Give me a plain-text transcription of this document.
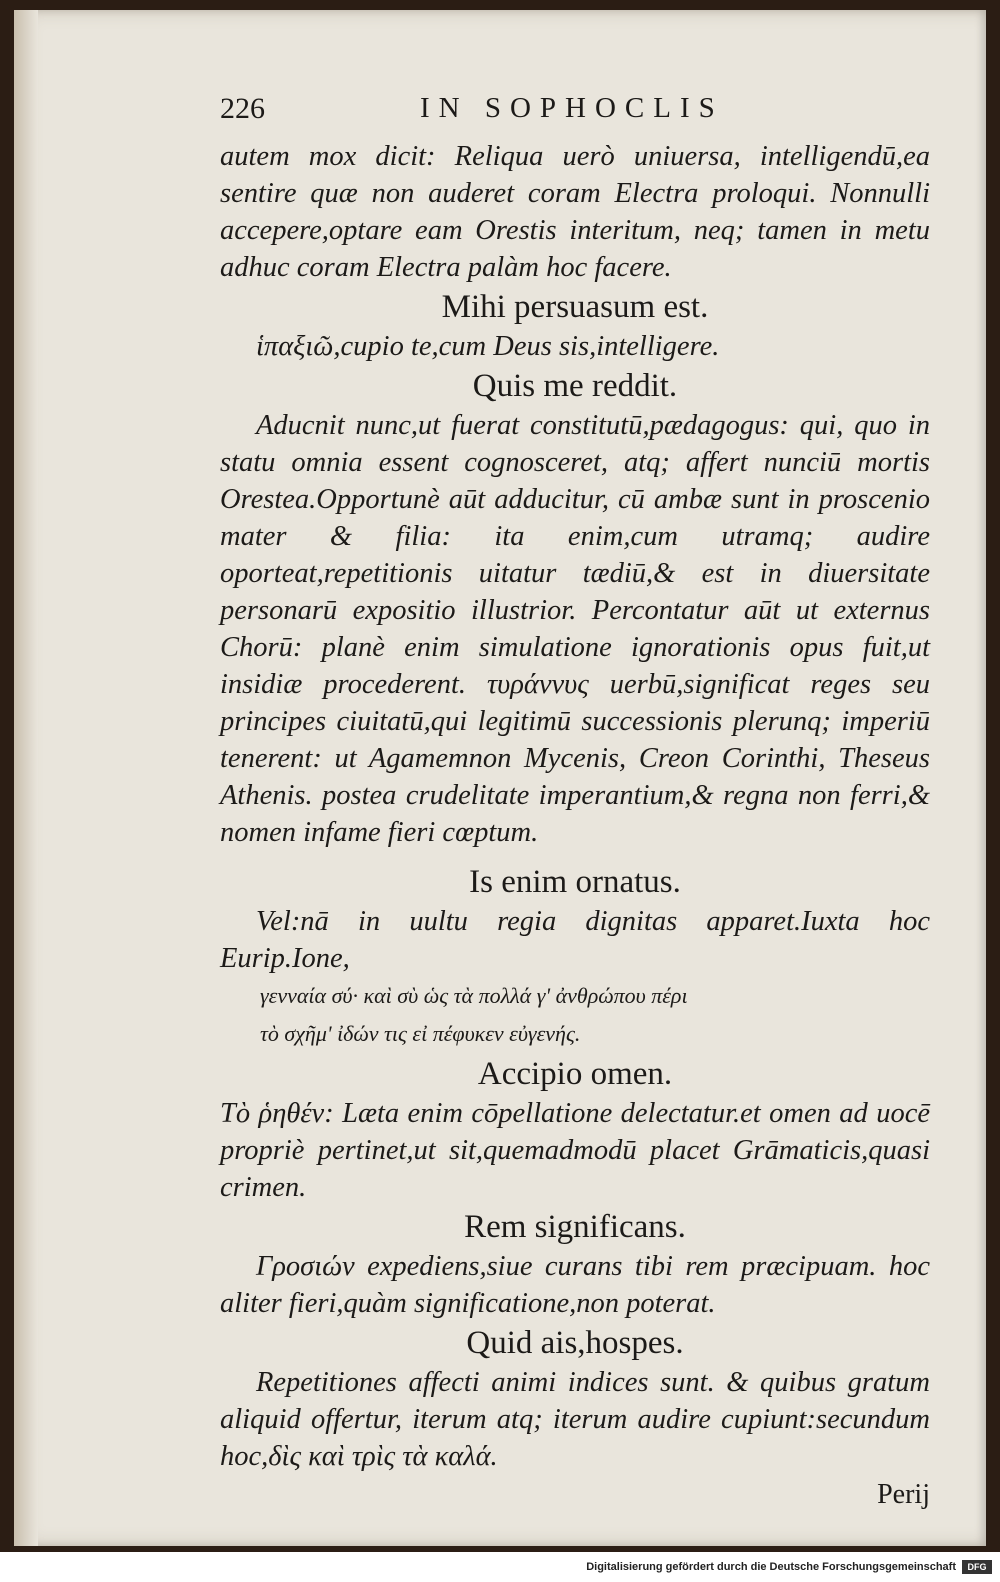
226	IN SOPHOCLIS

autem mox dicit: Reliqua uerò uniuersa, intelligendū,ea sentire quæ non auderet coram Electra proloqui. Nonnulli accepere,optare eam Orestis interitum, neq; tamen in metu adhuc coram Electra palàm hoc facere.

Mihi persuasum est.

ἱπαξιῶ,cupio te,cum Deus sis,intelligere.

Quis me reddit.

Aducnit nunc,ut fuerat constitutū,pædagogus: qui, quo in statu omnia essent cognosceret, atq; affert nunciū mortis Orestea.Opportunè aūt adducitur, cū ambæ sunt in proscenio mater & filia: ita enim,cum utramq; audire oporteat,repetitionis uitatur tædiū,& est in diuersitate personarū expositio illustrior. Percontatur aūt ut externus Chorū: planè enim simulatione ignorationis opus fuit,ut insidiæ procederent. τυράννυς uerbū,significat reges seu principes ciuitatū,qui legitimū successionis plerunq; imperiū tenerent: ut Agamemnon Mycenis, Creon Corinthi, Theseus Athenis. postea crudelitate imperantium,& regna non ferri,& nomen infame fieri cœptum.

Is enim ornatus.

Vel:nā in uultu regia dignitas apparet.Iuxta hoc Eurip.Ione,

γενναία σύ· καὶ σὺ ὡς τὰ πολλά γ' ἀνθρώπου πέρι

τὸ σχῆμ' ἰδών τις εἰ πέφυκεν εὐγενής.

Accipio omen.

Τὸ ῥηθέν: Læta enim cōpellatione delectatur.et omen ad uocē propriè pertinet,ut sit,quemadmodū placet Grāmaticis,quasi crimen.

Rem significans.

Γροσιών expediens,siue curans tibi rem præcipuam. hoc aliter fieri,quàm significatione,non poterat.

Quid ais,hospes.

Repetitiones affecti animi indices sunt. & quibus gratum aliquid offertur, iterum atq; iterum audire cupiunt:secundum hoc,δὶς καὶ τρὶς τὰ καλά.

Perij

Digitalisierung gefördert durch die Deutsche Forschungsgemeinschaft	DFG
